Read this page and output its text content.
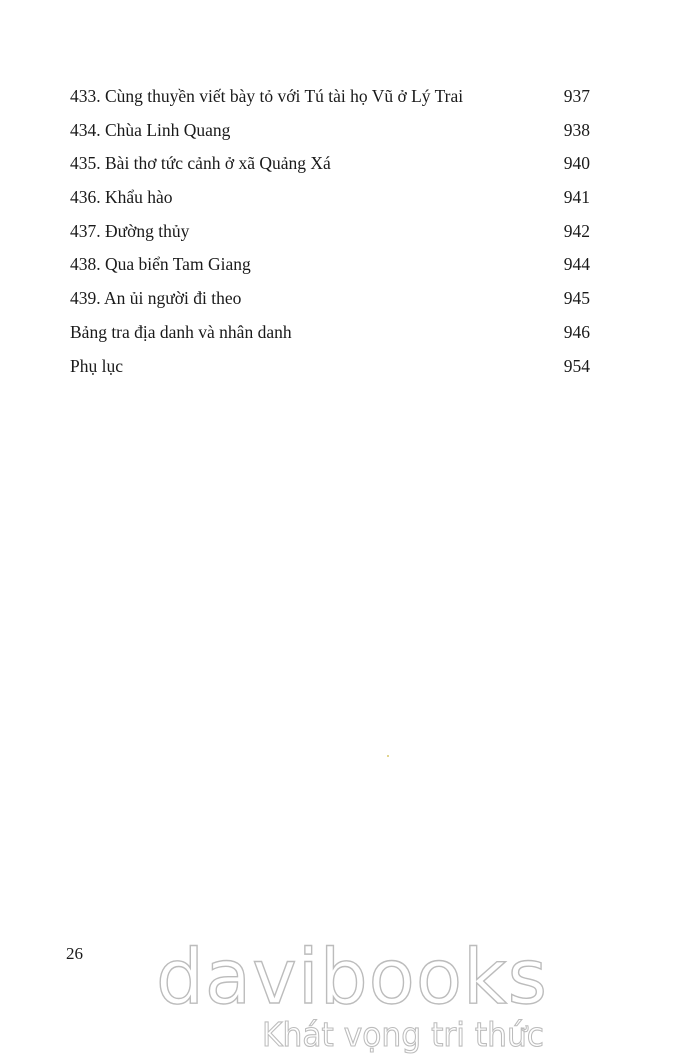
433. Cùng thuyền viết bày tỏ với Tú tài họ Vũ ở Lý Trai	937
434. Chùa Linh Quang	938
435. Bài thơ tức cảnh ở xã Quảng Xá	940
436. Khẩu hào	941
437. Đường thủy	942
438. Qua biển Tam Giang	944
439. An ủi người đi theo	945
Bảng tra địa danh và nhân danh	946
Phụ lục	954
26 davibooks
Khát vọng tri thức
